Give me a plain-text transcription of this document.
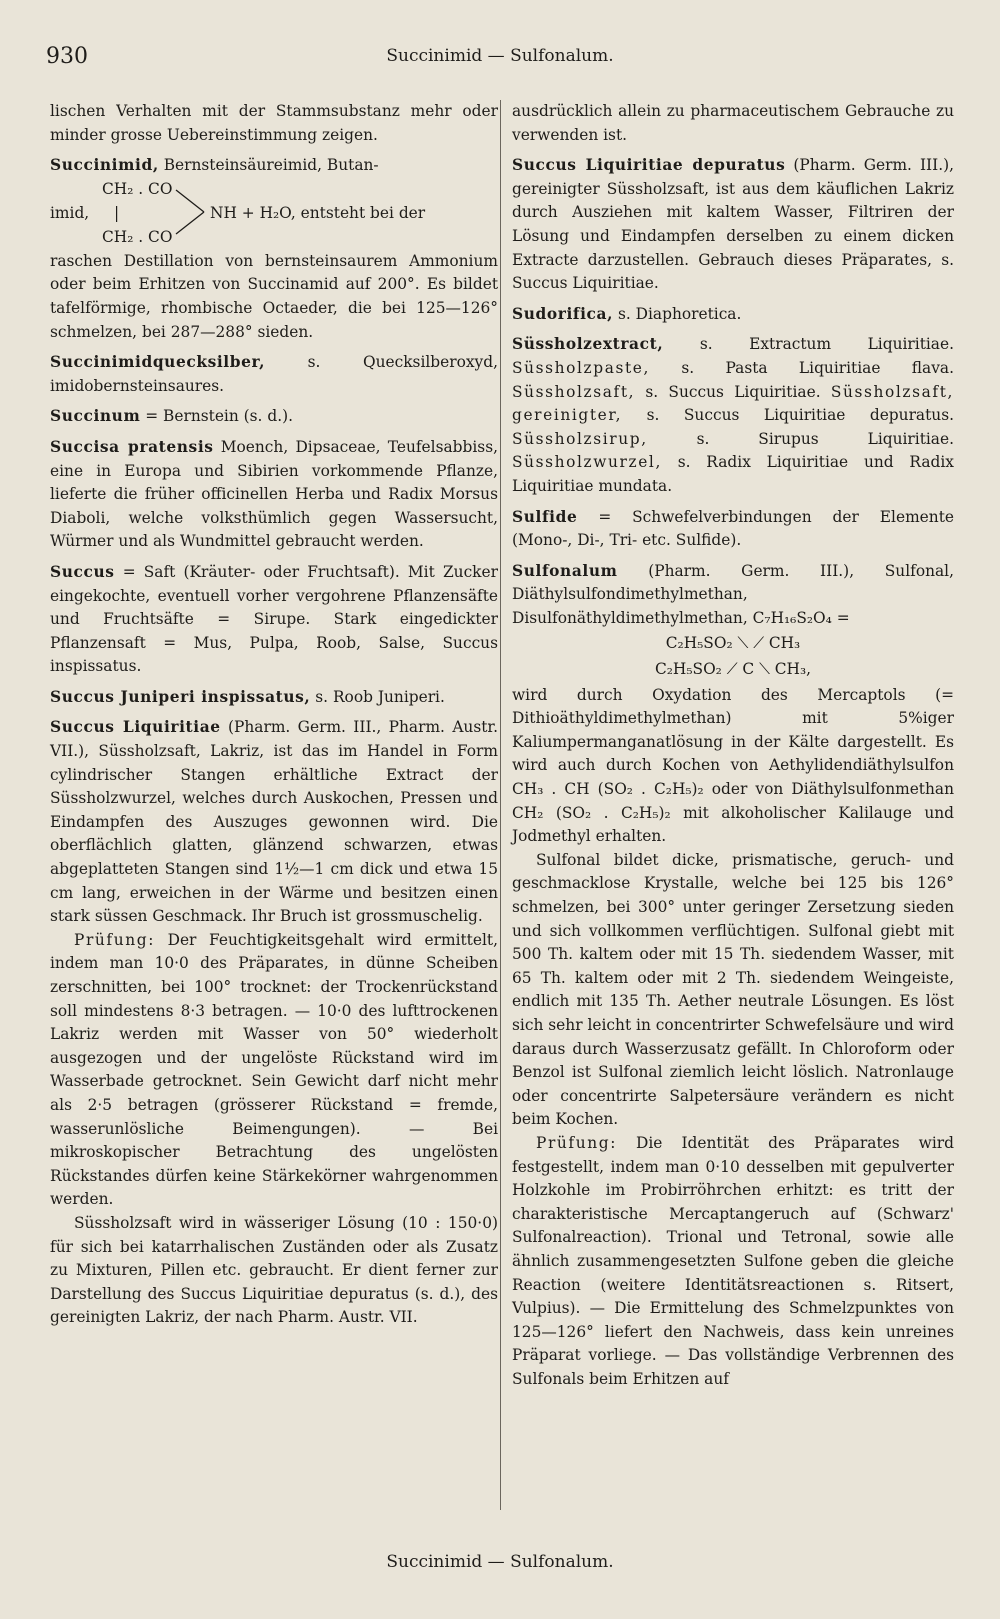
930	Succinimid — Sulfonalum.

lischen Verhalten mit der Stammsubstanz mehr oder minder grosse Uebereinstimmung zeigen.

Succinimid, Bernsteinsäureimid, Butan-

CH₂ . CO
imid, |	NH + H₂O, entsteht bei der
CH₂ . CO

raschen Destillation von bernsteinsaurem Ammonium oder beim Erhitzen von Succinamid auf 200°. Es bildet tafelförmige, rhombische Octaeder, die bei 125—126° schmelzen, bei 287—288° sieden.

Succinimidquecksilber,	s. Quecksilberoxyd, imidobernsteinsaures.

Succinum = Bernstein (s. d.).

Succisa pratensis Moench, Dipsaceae, Teufelsabbiss, eine in Europa und Sibirien vorkommende Pflanze, lieferte die früher officinellen Herba und Radix Morsus Diaboli, welche volksthümlich gegen Wassersucht, Würmer und als Wundmittel gebraucht werden.

Succus = Saft (Kräuter- oder Fruchtsaft). Mit Zucker eingekochte, eventuell vorher vergohrene Pflanzensäfte und Fruchtsäfte = Sirupe. Stark eingedickter Pflanzensaft = Mus, Pulpa, Roob, Salse, Succus inspissatus.

Succus Juniperi inspissatus, s. Roob Juniperi.

Succus Liquiritiae (Pharm. Germ. III., Pharm. Austr. VII.), Süssholzsaft, Lakriz, ist das im Handel in Form cylindrischer Stangen erhältliche Extract der Süssholzwurzel, welches durch Auskochen, Pressen und Eindampfen des Auszuges gewonnen wird. Die oberflächlich glatten, glänzend schwarzen, etwas abgeplatteten Stangen sind 1½—1 cm dick und etwa 15 cm lang, erweichen in der Wärme und besitzen einen stark süssen Geschmack. Ihr Bruch ist grossmuschelig.

Prüfung: Der Feuchtigkeitsgehalt wird ermittelt, indem man 10·0 des Präparates, in dünne Scheiben zerschnitten, bei 100° trocknet: der Trockenrückstand soll mindestens 8·3 betragen. — 10·0 des lufttrockenen Lakriz werden mit Wasser von 50° wiederholt ausgezogen und der ungelöste Rückstand wird im Wasserbade getrocknet. Sein Gewicht darf nicht mehr als 2·5 betragen (grösserer Rückstand = fremde, wasserunlösliche Beimengungen). — Bei mikroskopischer Betrachtung des ungelösten Rückstandes dürfen keine Stärkekörner wahrgenommen werden.

Süssholzsaft wird in wässeriger Lösung (10 : 150·0) für sich bei katarrhalischen Zuständen oder als Zusatz zu Mixturen, Pillen etc. gebraucht. Er dient ferner zur Darstellung des Succus Liquiritiae depuratus (s. d.), des gereinigten Lakriz, der nach Pharm. Austr. VII.

ausdrücklich allein zu pharmaceutischem Gebrauche zu verwenden ist.

Succus Liquiritiae depuratus (Pharm. Germ. III.), gereinigter Süssholzsaft, ist aus dem käuflichen Lakriz durch Ausziehen mit kaltem Wasser, Filtriren der Lösung und Eindampfen derselben zu einem dicken Extracte darzustellen. Gebrauch dieses Präparates, s. Succus Liquiritiae.

Sudorifica, s. Diaphoretica.

Süssholzextract, s. Extractum Liquiritiae. Süssholzpaste, s. Pasta Liquiritiae flava. Süssholzsaft, s. Succus Liquiritiae. Süssholzsaft, gereinigter, s. Succus Liquiritiae depuratus. Süssholzsirup,	s. Sirupus Liquiritiae. Süssholzwurzel, s. Radix Liquiritiae und Radix Liquiritiae mundata.

Sulfide = Schwefelverbindungen der Elemente (Mono-, Di-, Tri- etc. Sulfide).

Sulfonalum (Pharm. Germ. III.), Sulfonal, Diäthylsulfondimethylmethan, Disulfonäthyldimethylmethan, C₇H₁₆S₂O₄ =

C₂H₅SO₂ ⟍ ⟋ CH₃

C₂H₅SO₂ ⟋ C ⟍ CH₃,

wird durch Oxydation des Mercaptols (= Dithioäthyldimethylmethan) mit 5%iger Kaliumpermanganatlösung in der Kälte dargestellt. Es wird auch durch Kochen von Aethylidendiäthylsulfon CH₃ . CH (SO₂ . C₂H₅)₂ oder von Diäthylsulfonmethan CH₂ (SO₂ . C₂H₅)₂ mit alkoholischer Kalilauge und Jodmethyl erhalten.

Sulfonal bildet dicke, prismatische, geruch- und geschmacklose Krystalle, welche bei 125 bis 126° schmelzen, bei 300° unter geringer Zersetzung sieden und sich vollkommen verflüchtigen. Sulfonal giebt mit 500 Th. kaltem oder mit 15 Th. siedendem Wasser, mit 65 Th. kaltem oder mit 2 Th. siedendem Weingeiste, endlich mit 135 Th. Aether neutrale Lösungen. Es löst sich sehr leicht in concentrirter Schwefelsäure und wird daraus durch Wasserzusatz gefällt. In Chloroform oder Benzol ist Sulfonal ziemlich leicht löslich. Natronlauge oder concentrirte Salpetersäure verändern es nicht beim Kochen.

Prüfung: Die Identität des Präparates wird festgestellt, indem man 0·10 desselben mit gepulverter Holzkohle im Probirröhrchen erhitzt: es tritt der charakteristische Mercaptangeruch auf (Schwarz' Sulfonalreaction). Trional und Tetronal, sowie alle ähnlich zusammengesetzten Sulfone geben die gleiche Reaction (weitere Identitätsreactionen s. Ritsert, Vulpius). — Die Ermittelung des Schmelzpunktes von 125—126° liefert den Nachweis, dass kein unreines Präparat vorliege. — Das vollständige Verbrennen des Sulfonals beim Erhitzen auf

Succinimid — Sulfonalum.
